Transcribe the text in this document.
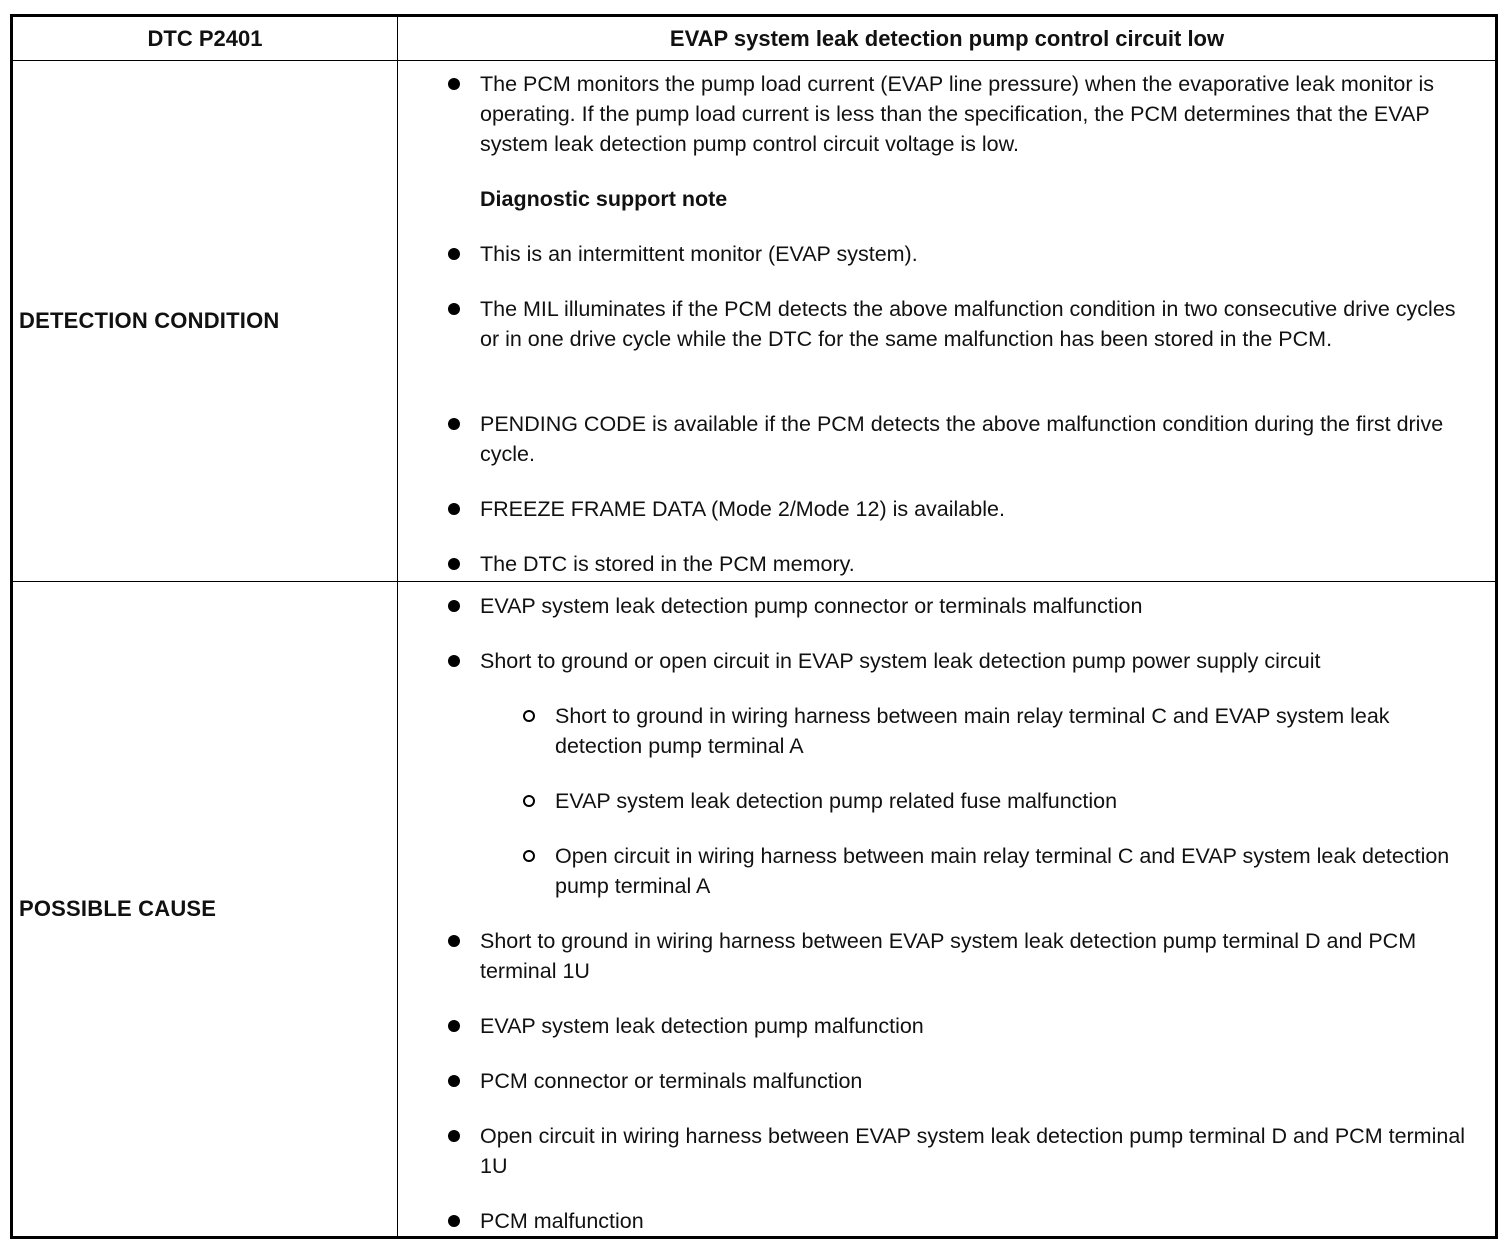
DTC P2401	EVAP system leak detection pump control circuit low
DETECTION CONDITION
The PCM monitors the pump load current (EVAP line pressure) when the evaporative leak monitor is operating. If the pump load current is less than the specification, the PCM determines that the EVAP system leak detection pump control circuit voltage is low.
Diagnostic support note
This is an intermittent monitor (EVAP system).
The MIL illuminates if the PCM detects the above malfunction condition in two consecutive drive cycles or in one drive cycle while the DTC for the same malfunction has been stored in the PCM.
PENDING CODE is available if the PCM detects the above malfunction condition during the first drive cycle.
FREEZE FRAME DATA (Mode 2/Mode 12) is available.
The DTC is stored in the PCM memory.
POSSIBLE CAUSE
EVAP system leak detection pump connector or terminals malfunction
Short to ground or open circuit in EVAP system leak detection pump power supply circuit
Short to ground in wiring harness between main relay terminal C and EVAP system leak detection pump terminal A
EVAP system leak detection pump related fuse malfunction
Open circuit in wiring harness between main relay terminal C and EVAP system leak detection pump terminal A
Short to ground in wiring harness between EVAP system leak detection pump terminal D and PCM terminal 1U
EVAP system leak detection pump malfunction
PCM connector or terminals malfunction
Open circuit in wiring harness between EVAP system leak detection pump terminal D and PCM terminal 1U
PCM malfunction
